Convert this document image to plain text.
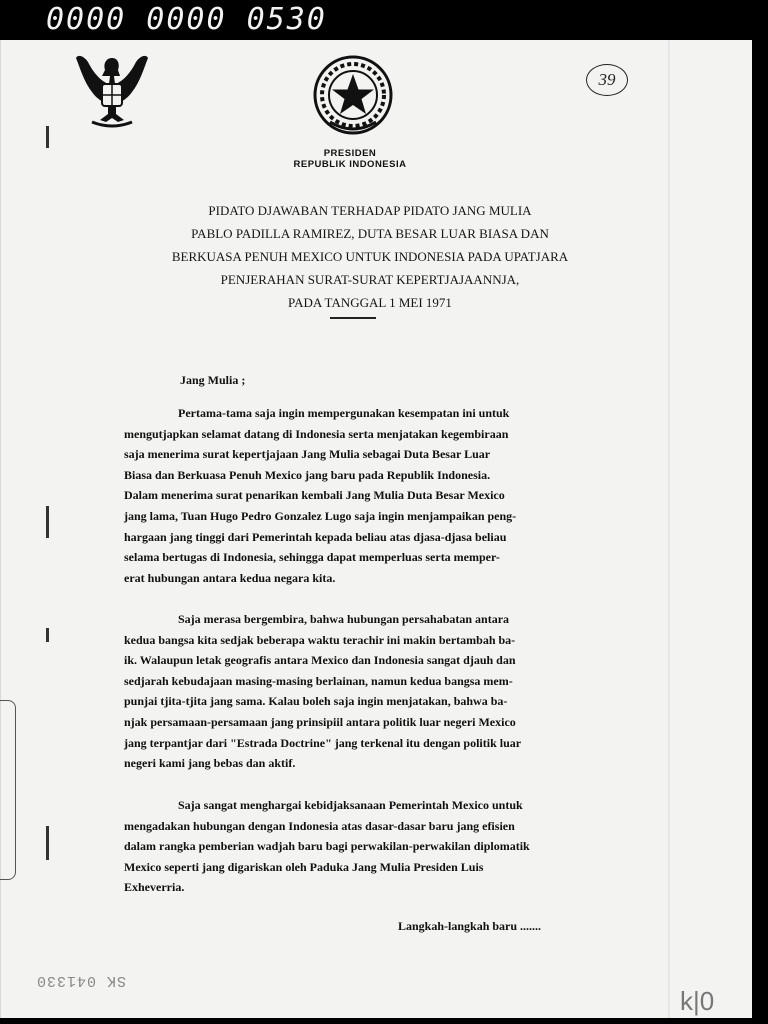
0000 0000 0530
39
PRESIDEN
REPUBLIK INDONESIA
PIDATO DJAWABAN TERHADAP PIDATO JANG MULIA
PABLO PADILLA RAMIREZ, DUTA BESAR LUAR BIASA DAN
BERKUASA PENUH MEXICO UNTUK INDONESIA PADA UPATJARA
PENJERAHAN SURAT-SURAT KEPERTJAJAANNJA,
PADA TANGGAL 1 MEI 1971
Jang Mulia ;
Pertama-tama saja ingin mempergunakan kesempatan ini untuk
mengutjapkan selamat datang di Indonesia serta menjatakan kegembiraan
saja menerima surat kepertjajaan Jang Mulia sebagai Duta Besar Luar
Biasa dan Berkuasa Penuh Mexico jang baru pada Republik Indonesia.
Dalam menerima surat penarikan kembali Jang Mulia Duta Besar Mexico
jang lama, Tuan Hugo Pedro Gonzalez Lugo saja ingin menjampaikan peng-
hargaan jang tinggi dari Pemerintah kepada beliau atas djasa-djasa beliau
selama bertugas di Indonesia, sehingga dapat memperluas serta memper-
erat hubungan antara kedua negara kita.
Saja merasa bergembira, bahwa hubungan persahabatan antara
kedua bangsa kita sedjak beberapa waktu terachir ini makin bertambah ba-
ik. Walaupun letak geografis antara Mexico dan Indonesia sangat djauh dan
sedjarah kebudajaan masing-masing berlainan, namun kedua bangsa mem-
punjai tjita-tjita jang sama. Kalau boleh saja ingin menjatakan, bahwa ba-
njak persamaan-persamaan jang prinsipiil antara politik luar negeri Mexico
jang terpantjar dari "Estrada Doctrine" jang terkenal itu dengan politik luar
negeri kami jang bebas dan aktif.
Saja sangat menghargai kebidjaksanaan Pemerintah Mexico untuk
mengadakan hubungan dengan Indonesia atas dasar-dasar baru jang efisien
dalam rangka pemberian wadjah baru bagi perwakilan-perwakilan diplomatik
Mexico seperti jang digariskan oleh Paduka Jang Mulia Presiden Luis
Exheverria.
Langkah-langkah baru .......
SK 041330
k|0
